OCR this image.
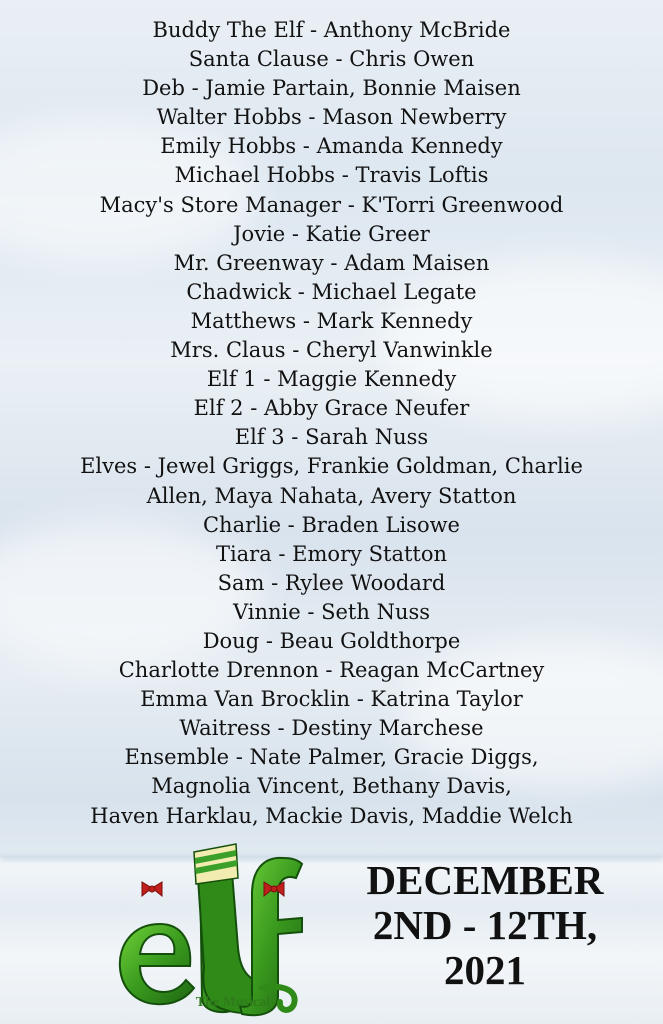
Buddy The Elf - Anthony McBride
Santa Clause - Chris Owen
Deb - Jamie Partain, Bonnie Maisen
Walter Hobbs - Mason Newberry
Emily Hobbs - Amanda Kennedy
Michael Hobbs - Travis Loftis
Macy's Store Manager - K'Torri Greenwood
Jovie - Katie Greer
Mr. Greenway - Adam Maisen
Chadwick - Michael Legate
Matthews - Mark Kennedy
Mrs. Claus - Cheryl Vanwinkle
Elf 1 - Maggie Kennedy
Elf 2 - Abby Grace Neufer
Elf 3 - Sarah Nuss
Elves - Jewel Griggs, Frankie Goldman, Charlie
Allen, Maya Nahata, Avery Statton
Charlie - Braden Lisowe
Tiara - Emory Statton
Sam - Rylee Woodard
Vinnie - Seth Nuss
Doug - Beau Goldthorpe
Charlotte Drennon - Reagan McCartney
Emma Van Brocklin - Katrina Taylor
Waitress - Destiny Marchese
Ensemble - Nate Palmer, Gracie Diggs,
Magnolia Vincent, Bethany Davis,
Haven Harklau, Mackie Davis, Maddie Welch
The Musical
DECEMBER
2ND - 12TH,
2021
